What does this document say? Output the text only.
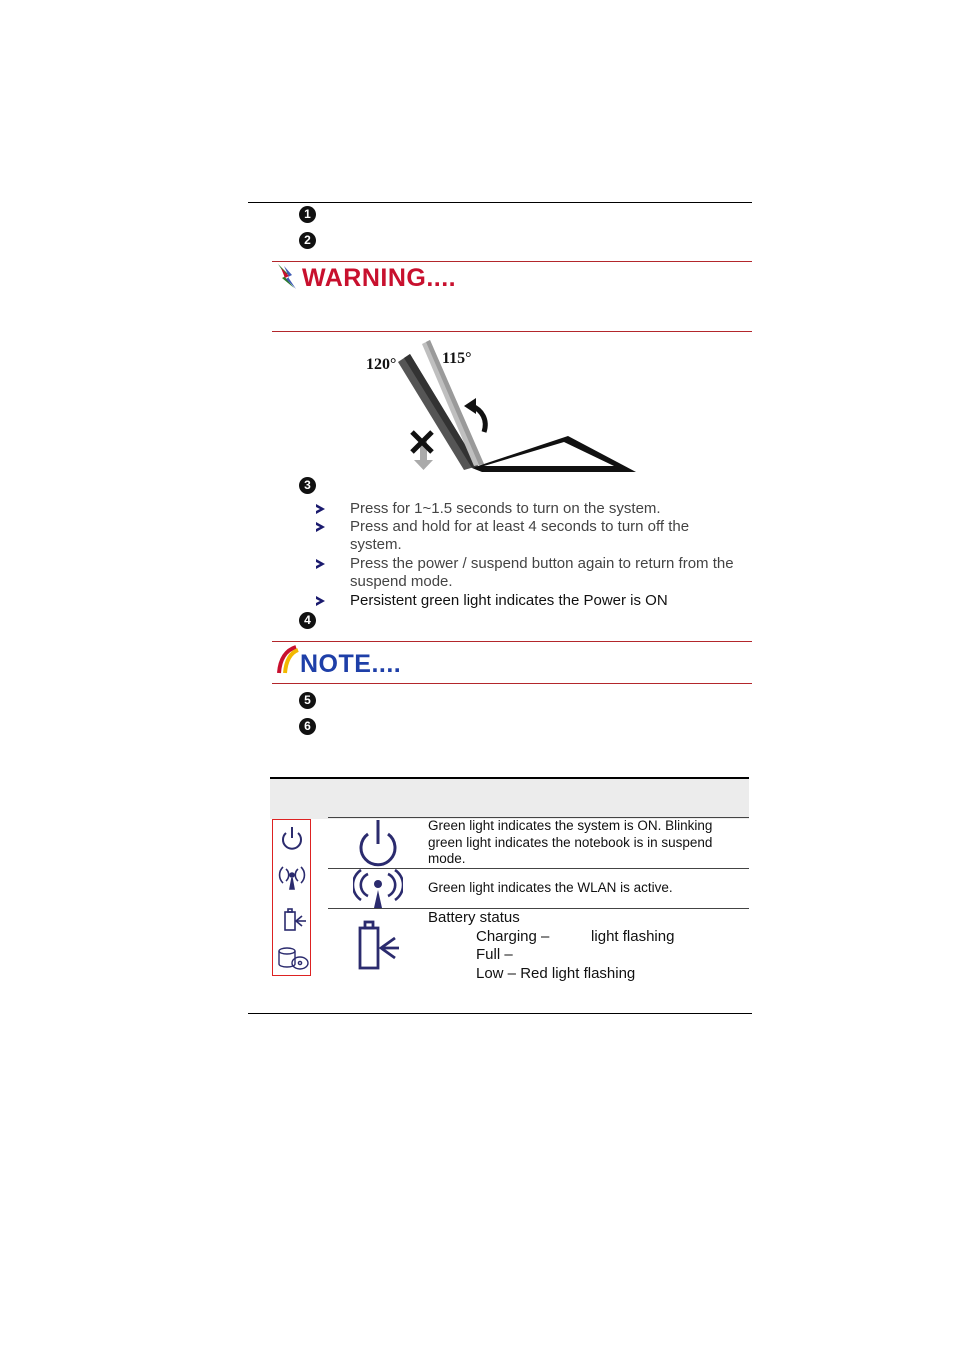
1
2
WARNING....
120°	115°
3
Press for 1~1.5 seconds to turn on the system.
Press and hold for at least 4 seconds to turn off the system.
Press the power / suspend button again to return from the suspend mode.
Persistent green light indicates the Power is ON
4
NOTE....
5
6
Green light indicates the system is ON. Blinking green light indicates the notebook is in suspend mode.
Green light indicates the WLAN is active.
Battery status
Charging –          light flashing
Full –
Low – Red light flashing
